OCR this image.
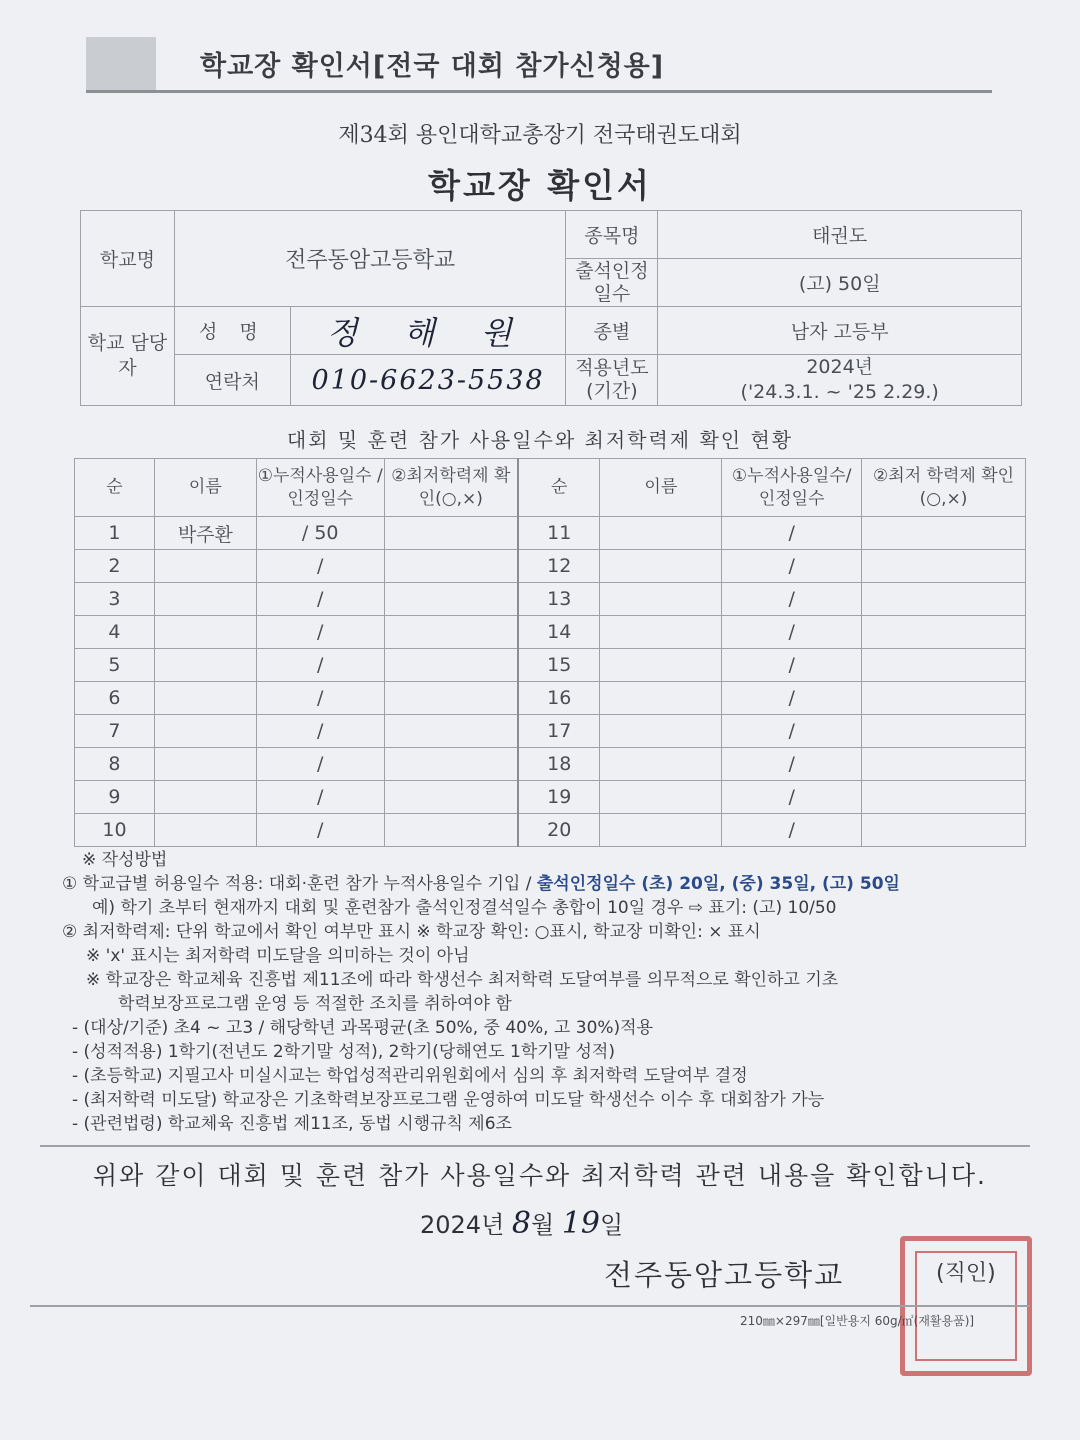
학교장 확인서[전국 대회 참가신청용]
제34회 용인대학교총장기 전국태권도대회
학교장 확인서
학교명	전주동암고등학교		종목명	태권도
			출석인정 일수	(고) 50일
학교 담당자	성 명	정 해 원	종별	남자 고등부
	연락처	010-6623-5538	적용년도 (기간)	2024년
('24.3.1. ~ '25 2.29.)
대회 및 훈련 참가 사용일수와 최저학력제 확인 현황
순	이름	①누적사용일수 /인정일수	②최저학력제 확인(○,×)	순	이름	①누적사용일수/ 인정일수	②최저 학력제 확인(○,×)
1	박주환	/ 50		11		/	
2		/		12		/	
3		/		13		/	
4		/		14		/	
5		/		15		/	
6		/		16		/	
7		/		17		/	
8		/		18		/	
9		/		19		/	
10		/		20		/	
※ 작성방법
① 학교급별 허용일수 적용: 대회·훈련 참가 누적사용일수 기입 / 출석인정일수 (초) 20일, (중) 35일, (고) 50일
예) 학기 초부터 현재까지 대회 및 훈련참가 출석인정결석일수 총합이 10일 경우 ⇨ 표기: (고) 10/50
② 최저학력제: 단위 학교에서 확인 여부만 표시 ※ 학교장 확인: ○표시, 학교장 미확인: × 표시
※ 'x' 표시는 최저학력 미도달을 의미하는 것이 아님
※ 학교장은 학교체육 진흥법 제11조에 따라 학생선수 최저학력 도달여부를 의무적으로 확인하고 기초
학력보장프로그램 운영 등 적절한 조치를 취하여야 함
- (대상/기준) 초4 ~ 고3 / 해당학년 과목평균(초 50%, 중 40%, 고 30%)적용
- (성적적용) 1학기(전년도 2학기말 성적), 2학기(당해연도 1학기말 성적)
- (초등학교) 지필고사 미실시교는 학업성적관리위원회에서 심의 후 최저학력 도달여부 결정
- (최저학력 미도달) 학교장은 기초학력보장프로그램 운영하여 미도달 학생선수 이수 후 대회참가 가능
- (관련법령) 학교체육 진흥법 제11조, 동법 시행규칙 제6조
위와 같이 대회 및 훈련 참가 사용일수와 최저학력 관련 내용을 확인합니다.
2024년 8월 19일
전주동암고등학교	(직인)
210㎜×297㎜[일반용지 60g/㎡(재활용품)]
